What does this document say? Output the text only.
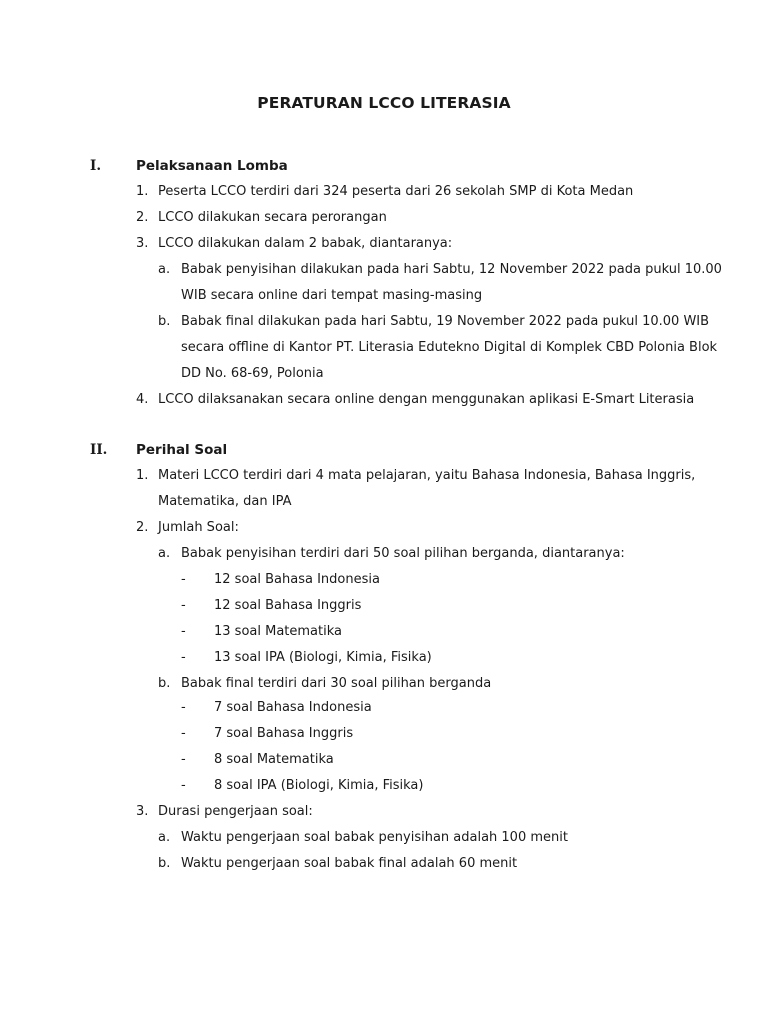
PERATURAN LCCO LITERASIA
I.	Pelaksanaan Lomba
1. Peserta LCCO terdiri dari 324 peserta dari 26 sekolah SMP di Kota Medan
2. LCCO dilakukan secara perorangan
3. LCCO dilakukan dalam 2 babak, diantaranya:
a. Babak penyisihan dilakukan pada hari Sabtu, 12 November 2022 pada pukul 10.00
WIB secara online dari tempat masing-masing
b. Babak final dilakukan pada hari Sabtu, 19 November 2022 pada pukul 10.00 WIB
secara offline di Kantor PT. Literasia Edutekno Digital di Komplek CBD Polonia Blok
DD No. 68-69, Polonia
4. LCCO dilaksanakan secara online dengan menggunakan aplikasi E-Smart Literasia
II. Perihal Soal
1. Materi LCCO terdiri dari 4 mata pelajaran, yaitu Bahasa Indonesia, Bahasa Inggris,
Matematika, dan IPA
2. Jumlah Soal:
a. Babak penyisihan terdiri dari 50 soal pilihan berganda, diantaranya:
- 12 soal Bahasa Indonesia
- 12 soal Bahasa Inggris
- 13 soal Matematika
- 13 soal IPA (Biologi, Kimia, Fisika)
b. Babak final terdiri dari 30 soal pilihan berganda
- 7 soal Bahasa Indonesia
- 7 soal Bahasa Inggris
- 8 soal Matematika
- 8 soal IPA (Biologi, Kimia, Fisika)
3. Durasi pengerjaan soal:
a. Waktu pengerjaan soal babak penyisihan adalah 100 menit
b. Waktu pengerjaan soal babak final adalah 60 menit
